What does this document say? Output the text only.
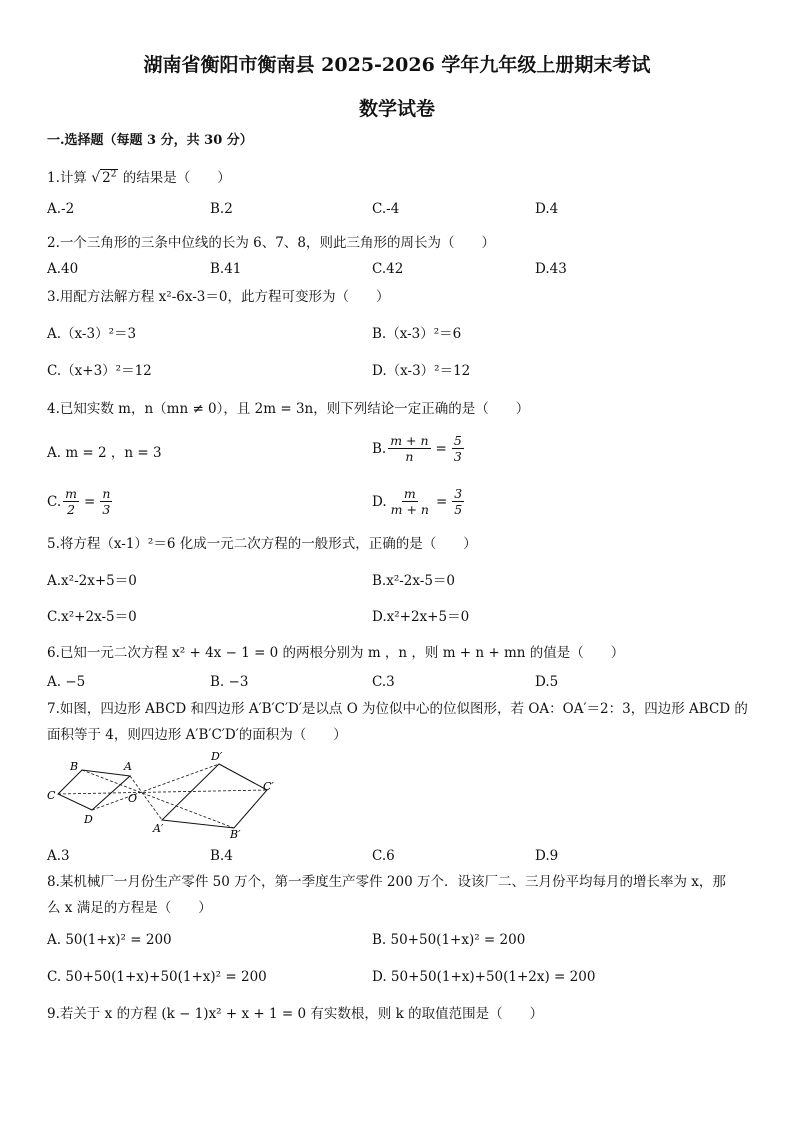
湖南省衡阳市衡南县 2025-2026 学年九年级上册期末考试
数学试卷
一.选择题（每题 3 分，共 30 分）
1.计算 √ $2^2$ 的结果是（　　）
A.-2	B.2	C.-4	D.4
2.一个三角形的三条中位线的长为 6、7、8，则此三角形的周长为（　　）
A.40	B.41	C.42	D.43
3.用配方法解方程 x²-6x-3＝0，此方程可变形为（　　）
A.（x-3）²＝3	B.（x-3）²＝6
C.（x+3）²＝12	D.（x-3）²＝12
4.已知实数 m，n（mn ≠ 0），且 2m = 3n，则下列结论一定正确的是（　　）
A. m = 2 ，n = 3	B. $\frac{m + n}{n} = \frac{5}{3}$
C. $\frac{m}{2} = \frac{n}{3}$	D. $\frac{m}{m + n} = \frac{3}{5}$
5.将方程（x-1）²＝6 化成一元二次方程的一般形式，正确的是（　　）
A.x²-2x+5＝0	B.x²-2x-5＝0
C.x²+2x-5＝0	D.x²+2x+5＝0
6.已知一元二次方程 x² + 4x − 1 = 0 的两根分别为 m ，n ，则 m + n + mn 的值是（　　）
A. −5	B. −3	C.3	D.5
7.如图，四边形 ABCD 和四边形 A′B′C′D′是以点 O 为位似中心的位似图形，若 OA：OA′＝2：3，四边形 ABCD 的
面积等于 4，则四边形 A′B′C′D′的面积为（　　）
B	A
C
D
O
D′
C′
A′	B′
A.3	B.4	C.6	D.9
8.某机械厂一月份生产零件 50 万个，第一季度生产零件 200 万个．设该厂二、三月份平均每月的增长率为 x，那
么 x 满足的方程是（　　）
A. 50(1+x)² = 200	B. 50+50(1+x)² = 200
C. 50+50(1+x)+50(1+x)² = 200	D. 50+50(1+x)+50(1+2x) = 200
9.若关于 x 的方程 (k − 1)x² + x + 1 = 0 有实数根，则 k 的取值范围是（　　）
